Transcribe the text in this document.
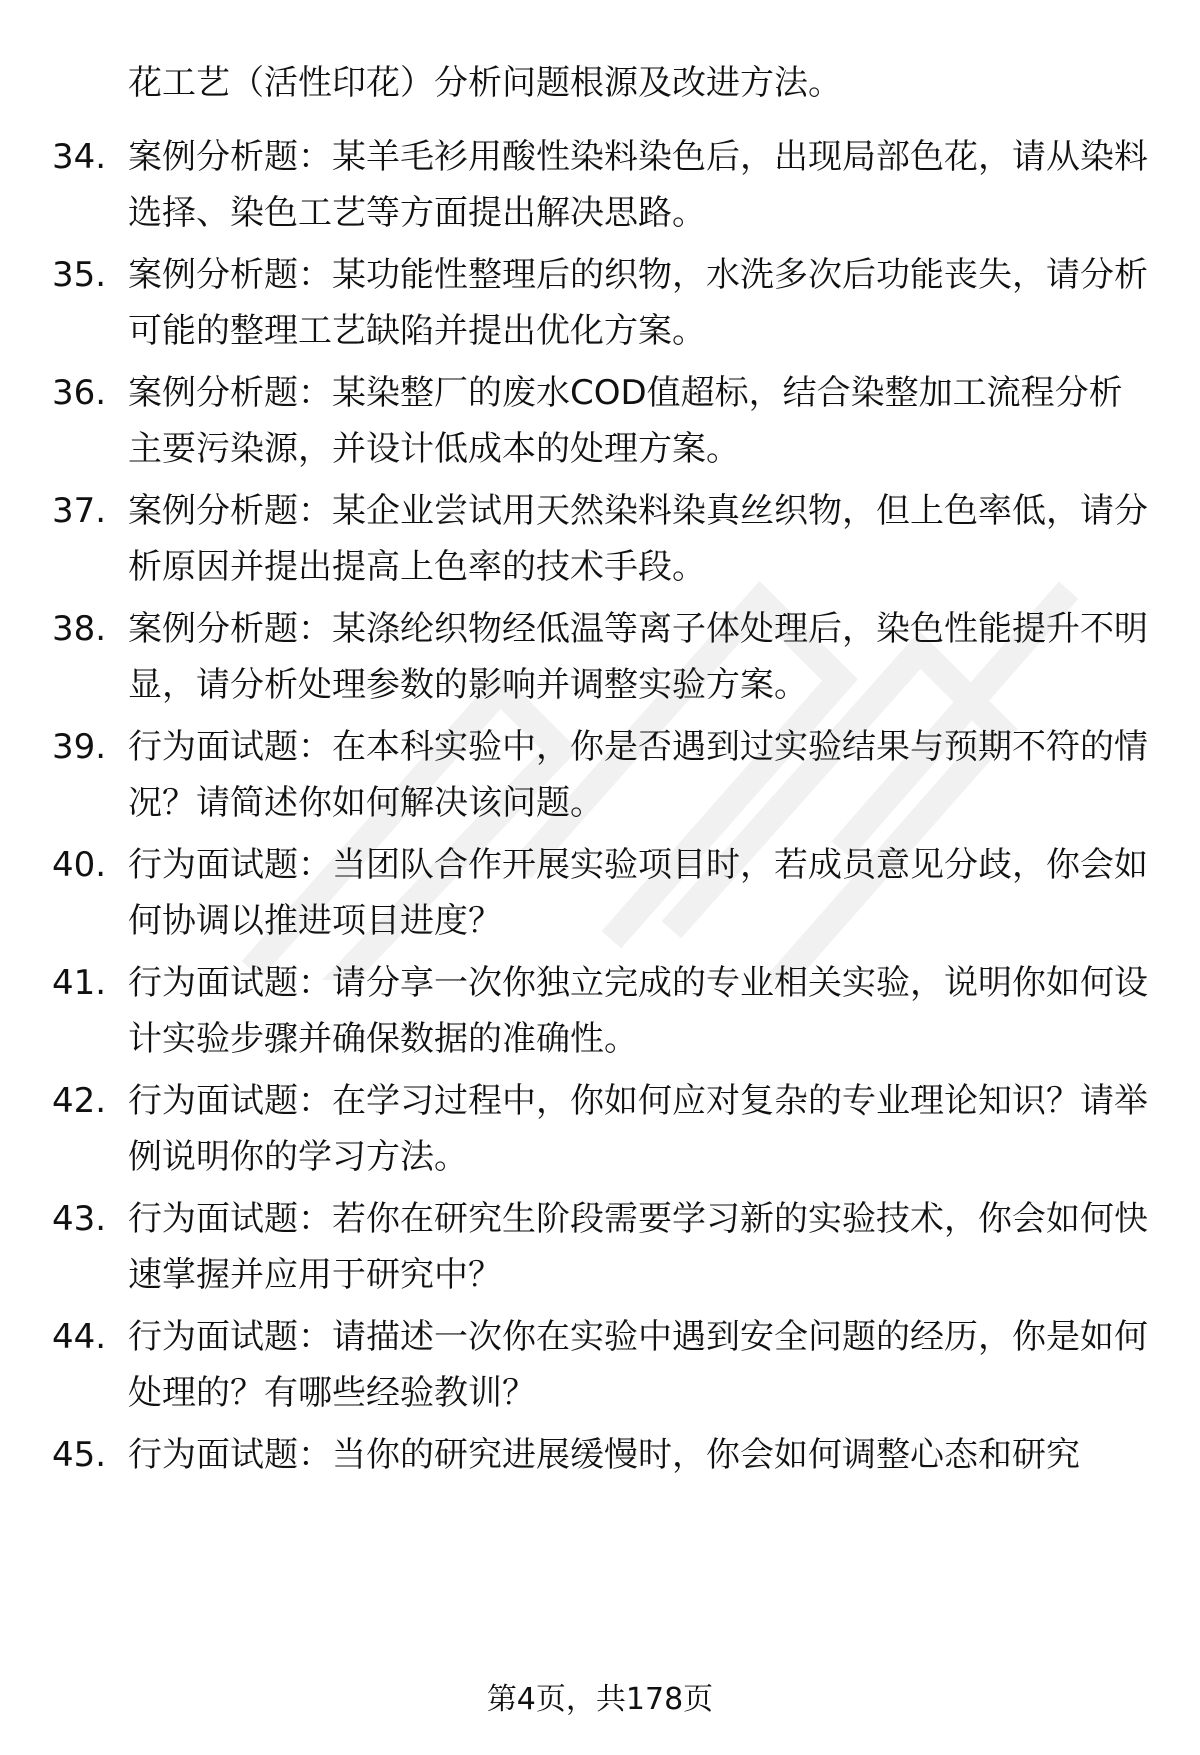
花工艺（活性印花）分析问题根源及改进方法。
34. 案例分析题：某羊毛衫用酸性染料染色后，出现局部色花，请从染料选择、染色工艺等方面提出解决思路。
35. 案例分析题：某功能性整理后的织物，水洗多次后功能丧失，请分析可能的整理工艺缺陷并提出优化方案。
36. 案例分析题：某染整厂的废水COD值超标，结合染整加工流程分析主要污染源，并设计低成本的处理方案。
37. 案例分析题：某企业尝试用天然染料染真丝织物，但上色率低，请分析原因并提出提高上色率的技术手段。
38. 案例分析题：某涤纶织物经低温等离子体处理后，染色性能提升不明显，请分析处理参数的影响并调整实验方案。
39. 行为面试题：在本科实验中，你是否遇到过实验结果与预期不符的情况？请简述你如何解决该问题。
40. 行为面试题：当团队合作开展实验项目时，若成员意见分歧，你会如何协调以推进项目进度？
41. 行为面试题：请分享一次你独立完成的专业相关实验，说明你如何设计实验步骤并确保数据的准确性。
42. 行为面试题：在学习过程中，你如何应对复杂的专业理论知识？请举例说明你的学习方法。
43. 行为面试题：若你在研究生阶段需要学习新的实验技术，你会如何快速掌握并应用于研究中？
44. 行为面试题：请描述一次你在实验中遇到安全问题的经历，你是如何处理的？有哪些经验教训？
45. 行为面试题：当你的研究进展缓慢时，你会如何调整心态和研究
第4页，共178页
